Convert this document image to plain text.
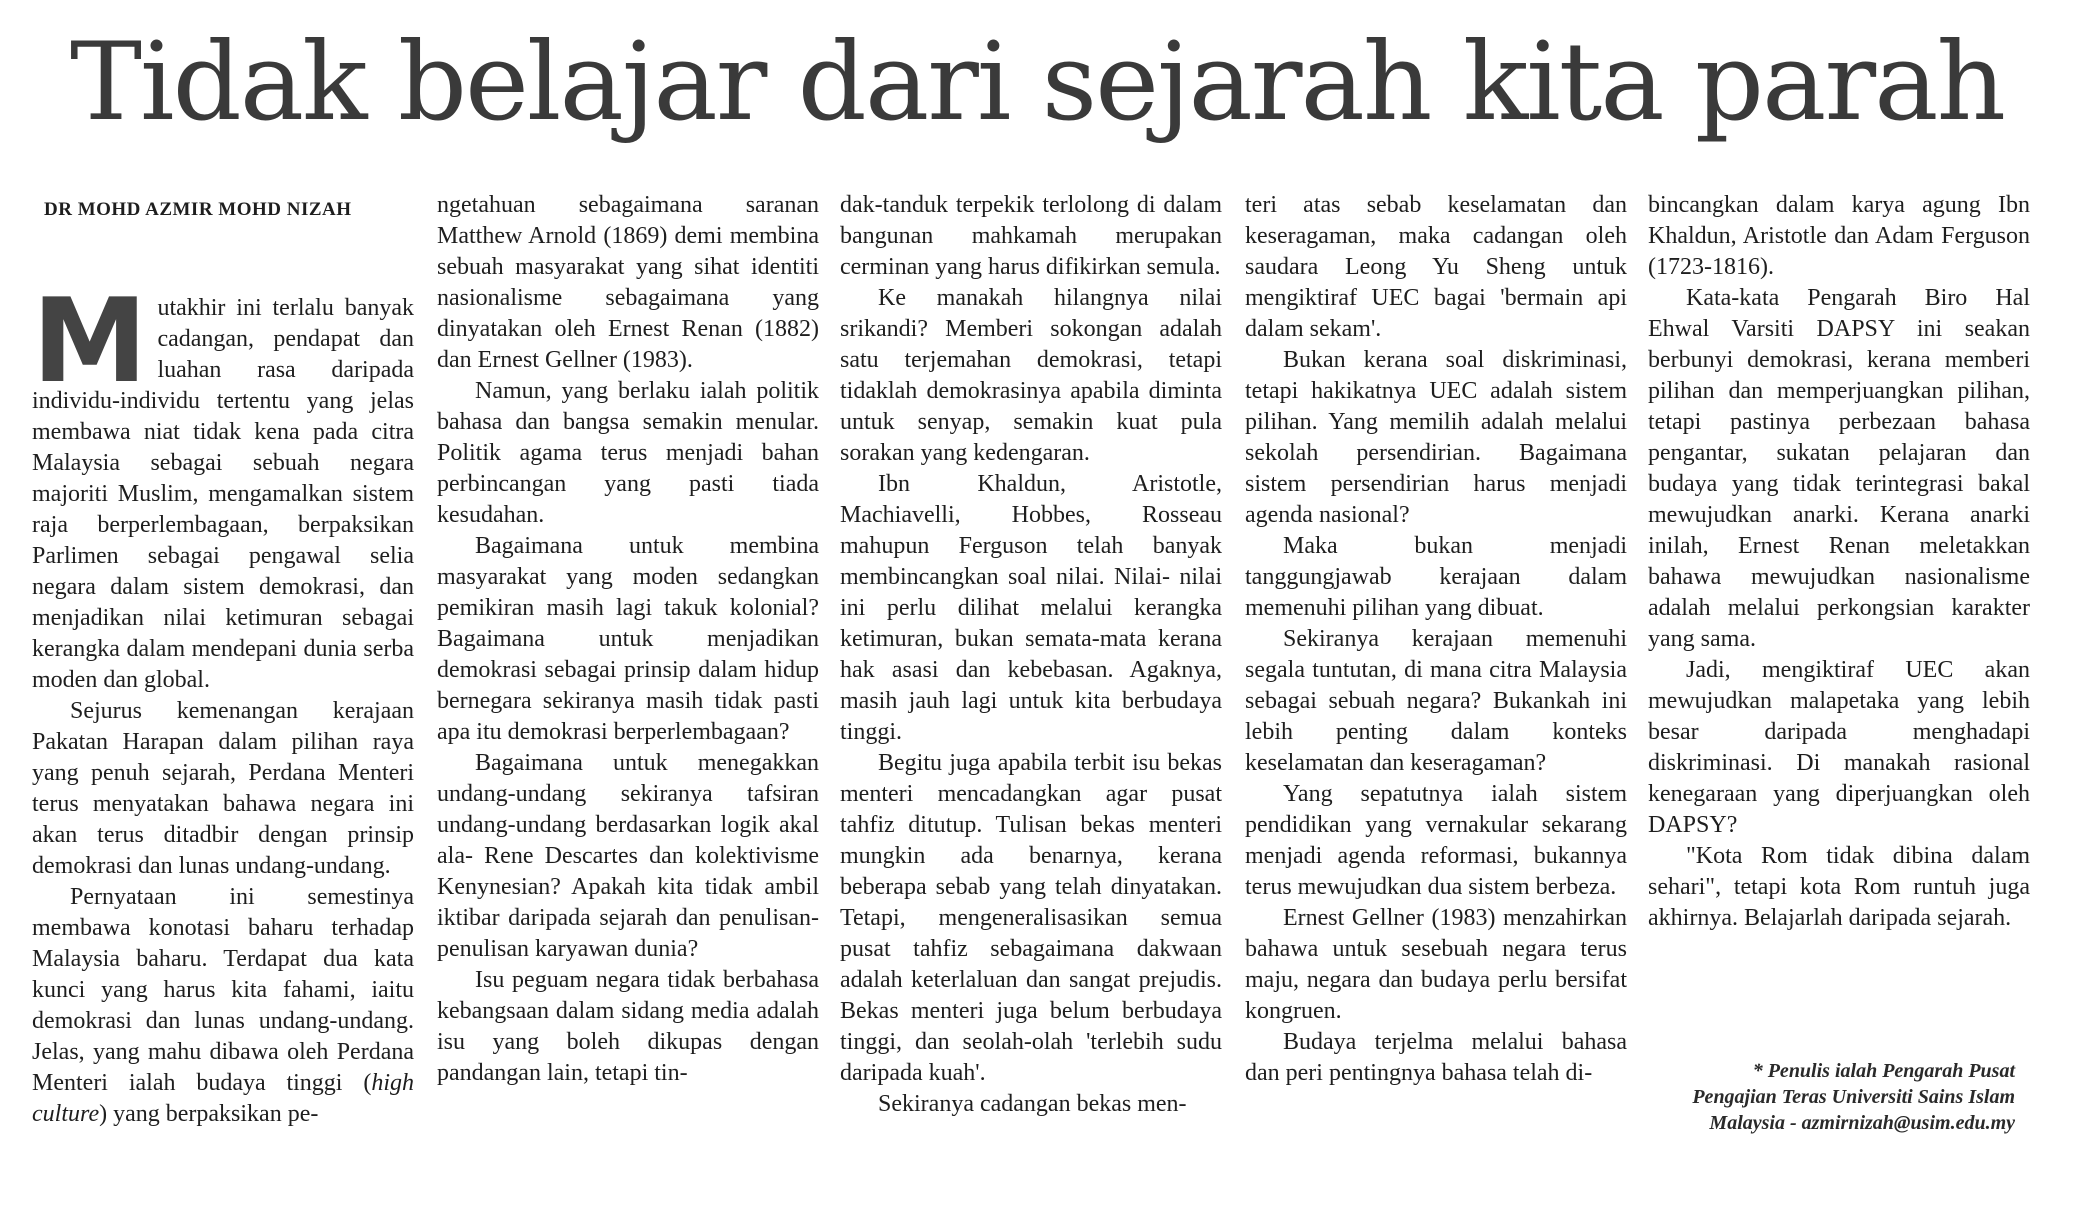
Tidak belajar dari sejarah kita parah

DR MOHD AZMIR MOHD NIZAH

Mutakhir ini terlalu banyak cadangan, pendapat dan luahan rasa daripada individu-individu tertentu yang jelas membawa niat tidak kena pada citra Malaysia sebagai sebuah negara majoriti Muslim, mengamalkan sistem raja berperlembagaan, berpaksikan Parlimen sebagai pengawal selia negara dalam sistem demokrasi, dan menjadikan nilai ketimuran sebagai kerangka dalam mendepani dunia serba moden dan global.

Sejurus kemenangan kerajaan Pakatan Harapan dalam pilihan raya yang penuh sejarah, Perdana Menteri terus menyatakan bahawa negara ini akan terus ditadbir dengan prinsip demokrasi dan lunas undang-undang.

Pernyataan ini semestinya membawa konotasi baharu terhadap Malaysia baharu. Terdapat dua kata kunci yang harus kita fahami, iaitu demokrasi dan lunas undang-undang. Jelas, yang mahu dibawa oleh Perdana Menteri ialah budaya tinggi (high culture) yang berpaksikan pe-

ngetahuan sebagaimana saranan Matthew Arnold (1869) demi membina sebuah masyarakat yang sihat identiti nasionalisme sebagaimana yang dinyatakan oleh Ernest Renan (1882) dan Ernest Gellner (1983).

Namun, yang berlaku ialah politik bahasa dan bangsa semakin menular. Politik agama terus menjadi bahan perbincangan yang pasti tiada kesudahan.

Bagaimana untuk membina masyarakat yang moden sedangkan pemikiran masih lagi takuk kolonial? Bagaimana untuk menjadikan demokrasi sebagai prinsip dalam hidup bernegara sekiranya masih tidak pasti apa itu demokrasi berperlembagaan?

Bagaimana untuk menegakkan undang-undang sekiranya tafsiran undang-undang berdasarkan logik akal ala- Rene Descartes dan kolektivisme Kenynesian? Apakah kita tidak ambil iktibar daripada sejarah dan penulisan-penulisan karyawan dunia?

Isu peguam negara tidak berbahasa kebangsaan dalam sidang media adalah isu yang boleh dikupas dengan pandangan lain, tetapi tin-

dak-tanduk terpekik terlolong di dalam bangunan mahkamah merupakan cerminan yang harus difikirkan semula.

Ke manakah hilangnya nilai srikandi? Memberi sokongan adalah satu terjemahan demokrasi, tetapi tidaklah demokrasinya apabila diminta untuk senyap, semakin kuat pula sorakan yang kedengaran.

Ibn Khaldun, Aristotle, Machiavelli, Hobbes, Rosseau mahupun Ferguson telah banyak membincangkan soal nilai. Nilai- nilai ini perlu dilihat melalui kerangka ketimuran, bukan semata-mata kerana hak asasi dan kebebasan. Agaknya, masih jauh lagi untuk kita berbudaya tinggi.

Begitu juga apabila terbit isu bekas menteri mencadangkan agar pusat tahfiz ditutup. Tulisan bekas menteri mungkin ada benarnya, kerana beberapa sebab yang telah dinyatakan. Tetapi, mengeneralisasikan semua pusat tahfiz sebagaimana dakwaan adalah keterlaluan dan sangat prejudis. Bekas menteri juga belum berbudaya tinggi, dan seolah-olah 'terlebih sudu daripada kuah'.

Sekiranya cadangan bekas men-

teri atas sebab keselamatan dan keseragaman, maka cadangan oleh saudara Leong Yu Sheng untuk mengiktiraf UEC bagai 'bermain api dalam sekam'.

Bukan kerana soal diskriminasi, tetapi hakikatnya UEC adalah sistem pilihan. Yang memilih adalah melalui sekolah persendirian. Bagaimana sistem persendirian harus menjadi agenda nasional?

Maka bukan menjadi tanggungjawab kerajaan dalam memenuhi pilihan yang dibuat.

Sekiranya kerajaan memenuhi segala tuntutan, di mana citra Malaysia sebagai sebuah negara? Bukankah ini lebih penting dalam konteks keselamatan dan keseragaman?

Yang sepatutnya ialah sistem pendidikan yang vernakular sekarang menjadi agenda reformasi, bukannya terus mewujudkan dua sistem berbeza.

Ernest Gellner (1983) menzahirkan bahawa untuk sesebuah negara terus maju, negara dan budaya perlu bersifat kongruen.

Budaya terjelma melalui bahasa dan peri pentingnya bahasa telah di-

bincangkan dalam karya agung Ibn Khaldun, Aristotle dan Adam Ferguson (1723-1816).

Kata-kata Pengarah Biro Hal Ehwal Varsiti DAPSY ini seakan berbunyi demokrasi, kerana memberi pilihan dan memperjuangkan pilihan, tetapi pastinya perbezaan bahasa pengantar, sukatan pelajaran dan budaya yang tidak terintegrasi bakal mewujudkan anarki. Kerana anarki inilah, Ernest Renan meletakkan bahawa mewujudkan nasionalisme adalah melalui perkongsian karakter yang sama.

Jadi, mengiktiraf UEC akan mewujudkan malapetaka yang lebih besar daripada menghadapi diskriminasi. Di manakah rasional kenegaraan yang diperjuangkan oleh DAPSY?

"Kota Rom tidak dibina dalam sehari", tetapi kota Rom runtuh juga akhirnya. Belajarlah daripada sejarah.

* Penulis ialah Pengarah Pusat
Pengajian Teras Universiti Sains Islam
Malaysia - azmirnizah@usim.edu.my
